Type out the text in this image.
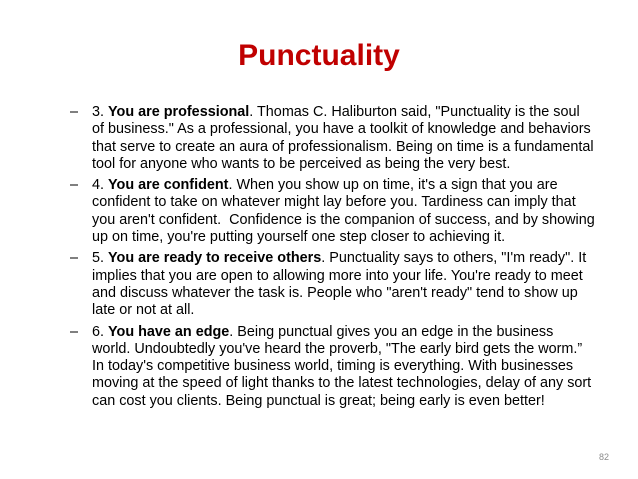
Punctuality
– 3. You are professional. Thomas C. Haliburton said, "Punctuality is the soul of business." As a professional, you have a toolkit of knowledge and behaviors that serve to create an aura of professionalism. Being on time is a fundamental tool for anyone who wants to be perceived as being the very best.
– 4. You are confident. When you show up on time, it's a sign that you are confident to take on whatever might lay before you. Tardiness can imply that you aren't confident.  Confidence is the companion of success, and by showing up on time, you're putting yourself one step closer to achieving it.
– 5. You are ready to receive others. Punctuality says to others, "I'm ready". It implies that you are open to allowing more into your life. You're ready to meet and discuss whatever the task is. People who "aren't ready" tend to show up late or not at all.
– 6. You have an edge. Being punctual gives you an edge in the business world. Undoubtedly you've heard the proverb, "The early bird gets the worm.”  In today's competitive business world, timing is everything. With businesses moving at the speed of light thanks to the latest technologies, delay of any sort can cost you clients. Being punctual is great; being early is even better!
82
